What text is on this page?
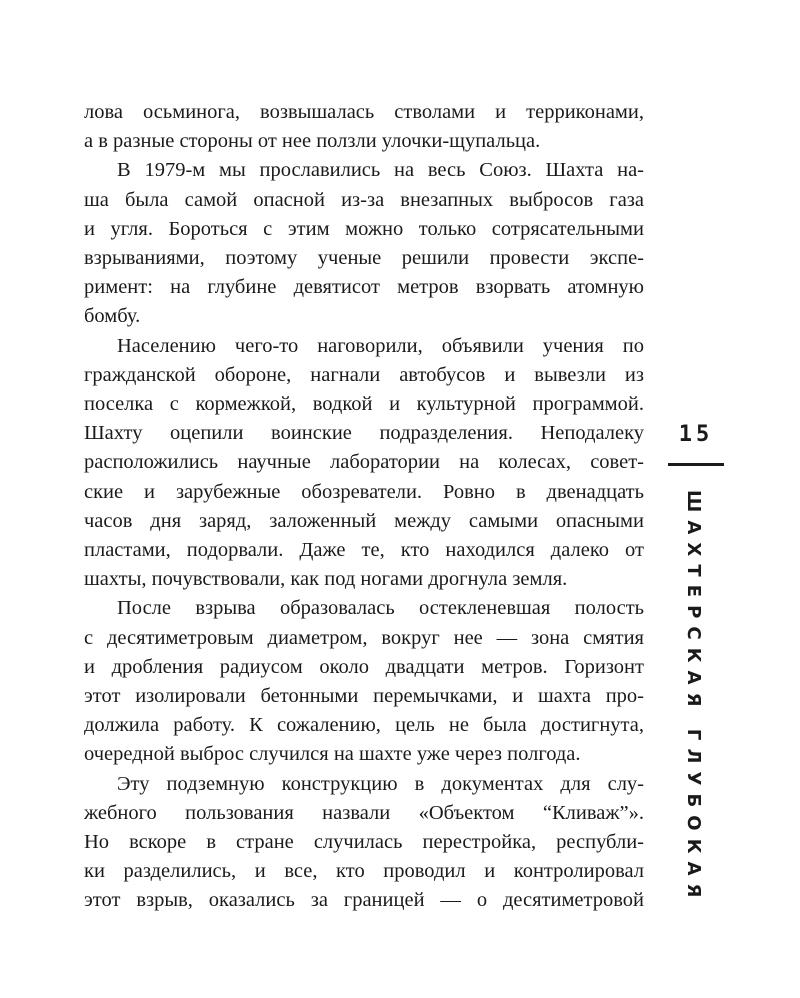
лова осьминога, возвышалась стволами и терриконами,
а в разные стороны от нее ползли улочки-щупальца.
В 1979-м мы прославились на весь Союз. Шахта на-
ша была самой опасной из-за внезапных выбросов газа
и угля. Бороться с этим можно только сотрясательными
взрываниями, поэтому ученые решили провести экспе-
римент: на глубине девятисот метров взорвать атомную
бомбу.
Населению чего-то наговорили, объявили учения по
гражданской обороне, нагнали автобусов и вывезли из
поселка с кормежкой, водкой и культурной программой.
Шахту оцепили воинские подразделения. Неподалеку
расположились научные лаборатории на колесах, совет-
ские и зарубежные обозреватели. Ровно в двенадцать
часов дня заряд, заложенный между самыми опасными
пластами, подорвали. Даже те, кто находился далеко от
шахты, почувствовали, как под ногами дрогнула земля.
После взрыва образовалась остекленевшая полость
с десятиметровым диаметром, вокруг нее — зона смятия
и дробления радиусом около двадцати метров. Горизонт
этот изолировали бетонными перемычками, и шахта про-
должила работу. К сожалению, цель не была достигнута,
очередной выброс случился на шахте уже через полгода.
Эту подземную конструкцию в документах для слу-
жебного пользования назвали «Объектом “Кливаж”».
Но вскоре в стране случилась перестройка, республи-
ки разделились, и все, кто проводил и контролировал
этот взрыв, оказались за границей — о десятиметровой
15
ШАХТЕРСКАЯ ГЛУБОКАЯ
